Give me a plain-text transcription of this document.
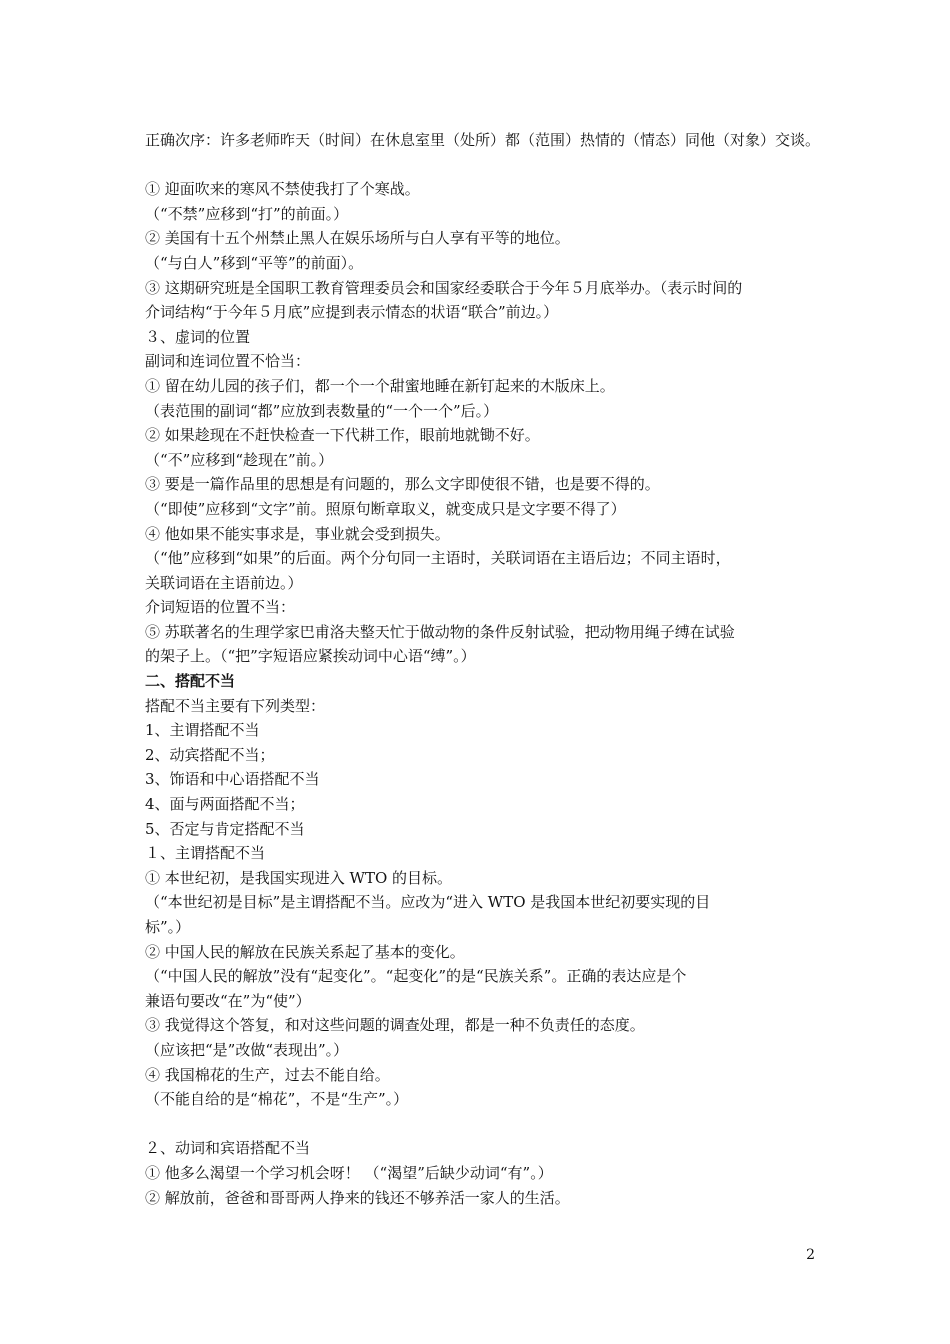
正确次序：许多老师昨天（时间）在休息室里（处所）都（范围）热情的（情态）同他（对象）交谈。
① 迎面吹来的寒风不禁使我打了个寒战。
（“不禁”应移到“打”的前面。）
② 美国有十五个州禁止黑人在娱乐场所与白人享有平等的地位。
（“与白人”移到“平等”的前面）。
③ 这期研究班是全国职工教育管理委员会和国家经委联合于今年５月底举办。（表示时间的
介词结构“于今年５月底”应提到表示情态的状语“联合”前边。）
３、虚词的位置
副词和连词位置不恰当：
① 留在幼儿园的孩子们，都一个一个甜蜜地睡在新钉起来的木版床上。
（表范围的副词“都”应放到表数量的“一个一个”后。）
② 如果趁现在不赶快检查一下代耕工作，眼前地就锄不好。
（“不”应移到“趁现在”前。）
③ 要是一篇作品里的思想是有问题的，那么文字即使很不错，也是要不得的。
（“即使”应移到“文字”前。照原句断章取义，就变成只是文字要不得了）
④ 他如果不能实事求是，事业就会受到损失。
（“他”应移到“如果”的后面。两个分句同一主语时，关联词语在主语后边；不同主语时，
关联词语在主语前边。）
介词短语的位置不当：
⑤ 苏联著名的生理学家巴甫洛夫整天忙于做动物的条件反射试验，把动物用绳子缚在试验
的架子上。（“把”字短语应紧挨动词中心语“缚”。）
二、搭配不当
搭配不当主要有下列类型：
1、主谓搭配不当
2、动宾搭配不当；
3、饰语和中心语搭配不当
4、面与两面搭配不当；
5、否定与肯定搭配不当
１、主谓搭配不当
① 本世纪初，是我国实现进入 WTO 的目标。
（“本世纪初是目标”是主谓搭配不当。应改为“进入 WTO 是我国本世纪初要实现的目
标”。）
② 中国人民的解放在民族关系起了基本的变化。
（“中国人民的解放”没有“起变化”。“起变化”的是“民族关系”。正确的表达应是个
兼语句要改“在”为“使”）
③ 我觉得这个答复，和对这些问题的调查处理，都是一种不负责任的态度。
（应该把“是”改做“表现出”。）
④ 我国棉花的生产，过去不能自给。
（不能自给的是“棉花”，不是“生产”。）
２、动词和宾语搭配不当
① 他多么渴望一个学习机会呀！ （“渴望”后缺少动词“有”。）
② 解放前，爸爸和哥哥两人挣来的钱还不够养活一家人的生活。
2
